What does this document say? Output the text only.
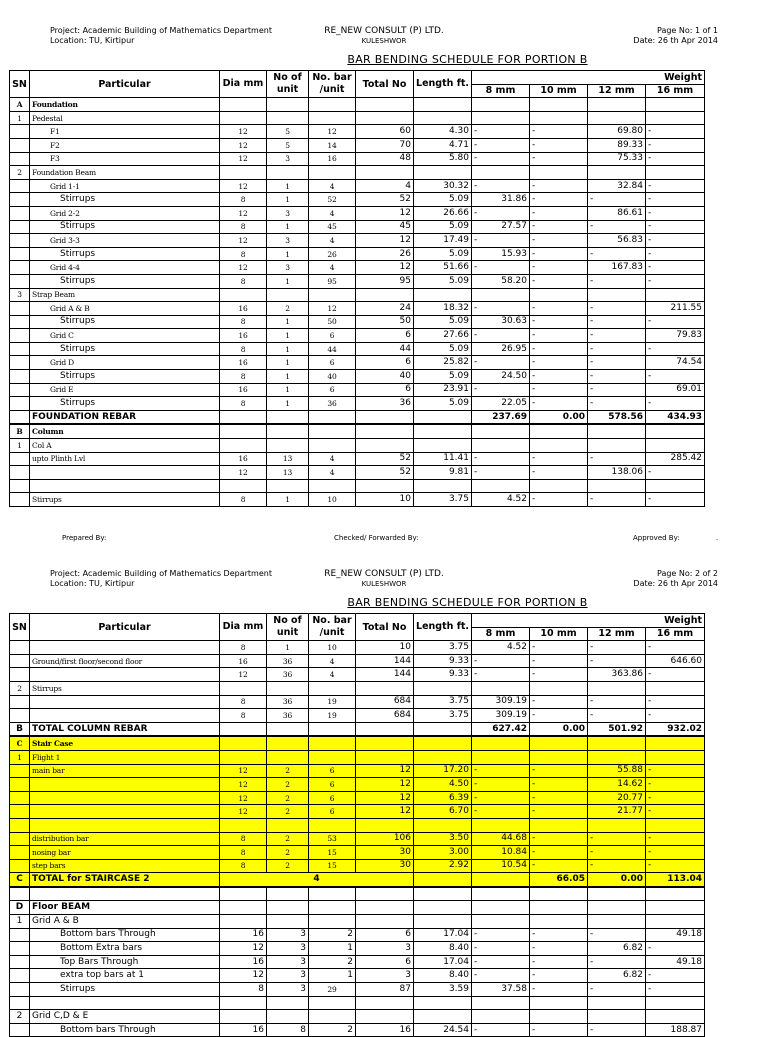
Project: Academic Building of Mathematics Department
Location: TU, Kirtipur
RE_NEW CONSULT (P) LTD.
KULESHWOR
Page No: 1 of 1
Date: 26 th Apr 2014
BAR BENDING SCHEDULE FOR PORTION B
SN	Particular	Dia mm	No of unit	No. bar /unit	Total No	Length ft.	Weight			
							8 mm	10 mm	12 mm	16 mm
A	Foundation									
1	Pedestal									
	F1	12	5	12	60	4.30	-	-	69.80	-
	F2	12	5	14	70	4.71	-	-	89.33	-
	F3	12	3	16	48	5.80	-	-	75.33	-
2	Foundation Beam									
	Grid 1-1	12	1	4	4	30.32	-	-	32.84	-
	Stirrups	8	1	52	52	5.09	31.86	-	-	-
	Grid 2-2	12	3	4	12	26.66	-	-	86.61	-
	Stirrups	8	1	45	45	5.09	27.57	-	-	-
	Grid 3-3	12	3	4	12	17.49	-	-	56.83	-
	Stirrups	8	1	26	26	5.09	15.93	-	-	-
	Grid 4-4	12	3	4	12	51.66	-	-	167.83	-
	Stirrups	8	1	95	95	5.09	58.20	-	-	-
3	Strap Beam									
	Grid A & B	16	2	12	24	18.32	-	-	-	211.55
	Stirrups	8	1	50	50	5.09	30.63	-	-	-
	Grid C	16	1	6	6	27.66	-	-	-	79.83
	Stirrups	8	1	44	44	5.09	26.95	-	-	-
	Grid D	16	1	6	6	25.82	-	-	-	74.54
	Stirrups	8	1	40	40	5.09	24.50	-	-	-
	Grid E	16	1	6	6	23.91	-	-	-	69.01
	Stirrups	8	1	36	36	5.09	22.05	-	-	-
	FOUNDATION REBAR						237.69	0.00	578.56	434.93
B	Column									
1	Col A									
	upto Plinth Lvl	16	13	4	52	11.41	-	-	-	285.42
		12	13	4	52	9.81	-	-	138.06	-

	Stirrups	8	1	10	10	3.75	4.52	-	-	-
Prepared By:	Checked/ Forwarded By:	Approved By:	.
Project: Academic Building of Mathematics Department
Location: TU, Kirtipur
RE_NEW CONSULT (P) LTD.
KULESHWOR
Page No: 2 of 2
Date: 26 th Apr 2014
BAR BENDING SCHEDULE FOR PORTION B
SN	Particular	Dia mm	No of unit	No. bar /unit	Total No	Length ft.	Weight				
							8 mm	10 mm	12 mm	16 mm	
		8	1	10	10	3.75	4.52	-	-	-	
	Ground/first floor/second floor	16	36	4	144	9.33	-	-	-	646.60	
		12	36	4	144	9.33	-	-	363.86	-	
2	Stirrups										
		8	36	19	684	3.75	309.19	-	-	-	
		8	36	19	684	3.75	309.19	-	-	-	
B	TOTAL COLUMN REBAR						627.42	0.00	501.92	932.02	
C	Stair Case										
1	Flight 1										
	main bar	12	2	6	12	17.20	-	-	55.88	-	
		12	2	6	12	4.50	-	-	14.62	-	
		12	2	6	12	6.39	-	-	20.77	-	
		12	2	6	12	6.70	-	-	21.77	-	

	distribution bar	8	2	53	106	3.50	44.68	-	-	-	
	nosing bar	8	2	15	30	3.00	10.84	-	-	-	
	step bars	8	2	15	30	2.92	10.54	-	-	-	
C	TOTAL for STAIRCASE 2	4						66.05	0.00	113.04	

D	Floor BEAM										
1	Grid A & B										
	Bottom bars Through	16	3	2	6	17.04	-	-	-	49.18	
	Bottom Extra bars	12	3	1	3	8.40	-	-	6.82	-	
	Top Bars Through	16	3	2	6	17.04	-	-	-	49.18	
	extra top bars at 1	12	3	1	3	8.40	-	-	6.82	-	
	Stirrups	8	3	29	87	3.59	37.58	-	-	-	

2	Grid C,D & E										
	Bottom bars Through	16	8	2	16	24.54	-	-	-	188.87	
